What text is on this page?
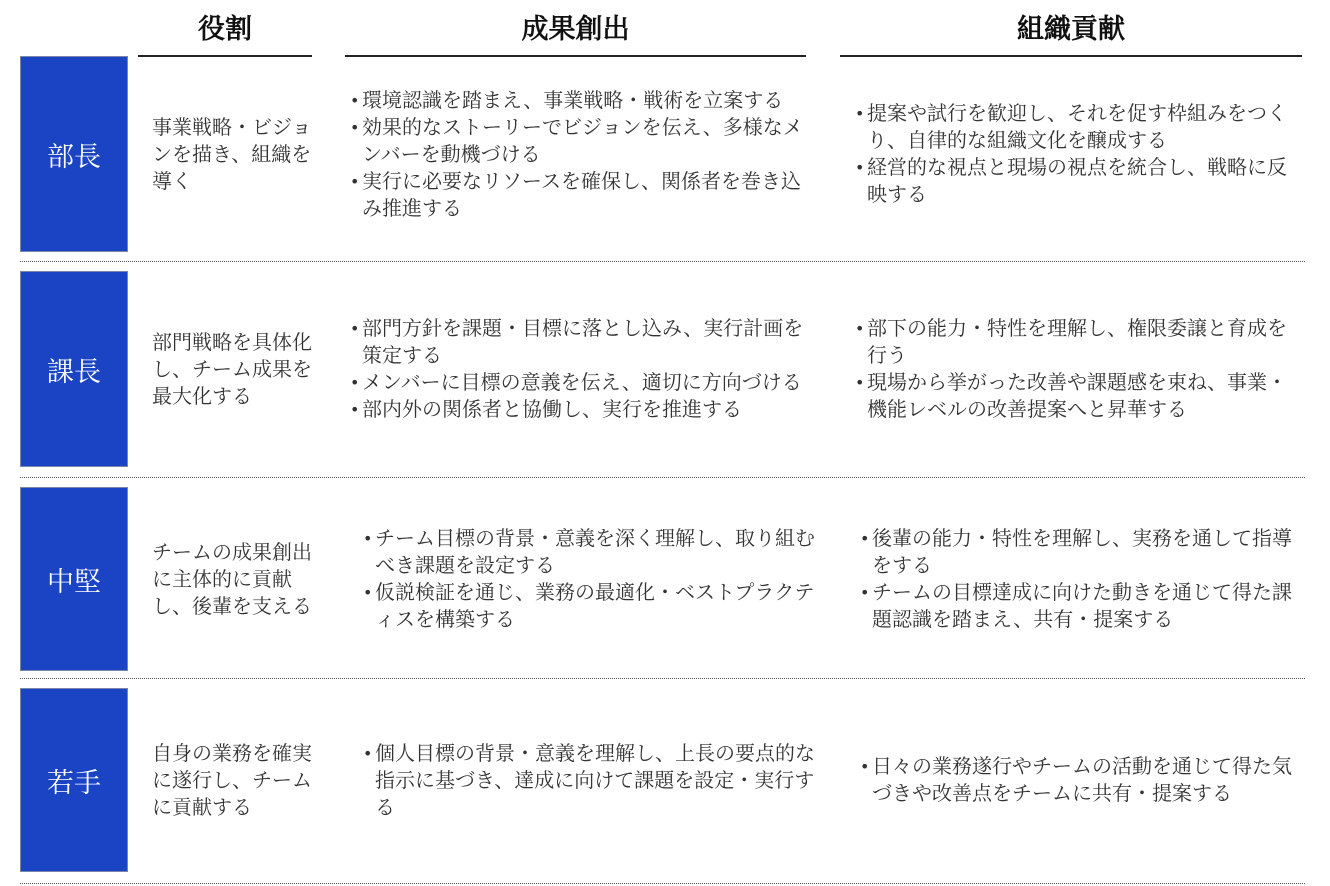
役割	成果創出	組織貢献
部長
事業戦略・ビジョンを描き、組織を導く
• 環境認識を踏まえ、事業戦略・戦術を立案する
• 効果的なストーリーでビジョンを伝え、多様なメンバーを動機づける
• 実行に必要なリソースを確保し、関係者を巻き込み推進する
• 提案や試行を歓迎し、それを促す枠組みをつくり、自律的な組織文化を醸成する
• 経営的な視点と現場の視点を統合し、戦略に反映する
課長
部門戦略を具体化し、チーム成果を最大化する
• 部門方針を課題・目標に落とし込み、実行計画を策定する
• メンバーに目標の意義を伝え、適切に方向づける
• 部内外の関係者と協働し、実行を推進する
• 部下の能力・特性を理解し、権限委譲と育成を行う
• 現場から挙がった改善や課題感を束ね、事業・機能レベルの改善提案へと昇華する
中堅
チームの成果創出に主体的に貢献し、後輩を支える
• チーム目標の背景・意義を深く理解し、取り組むべき課題を設定する
• 仮説検証を通じ、業務の最適化・ベストプラクティスを構築する
• 後輩の能力・特性を理解し、実務を通して指導をする
• チームの目標達成に向けた動きを通じて得た課題認識を踏まえ、共有・提案する
若手
自身の業務を確実に遂行し、チームに貢献する
• 個人目標の背景・意義を理解し、上長の要点的な指示に基づき、達成に向けて課題を設定・実行する
• 日々の業務遂行やチームの活動を通じて得た気づきや改善点をチームに共有・提案する
